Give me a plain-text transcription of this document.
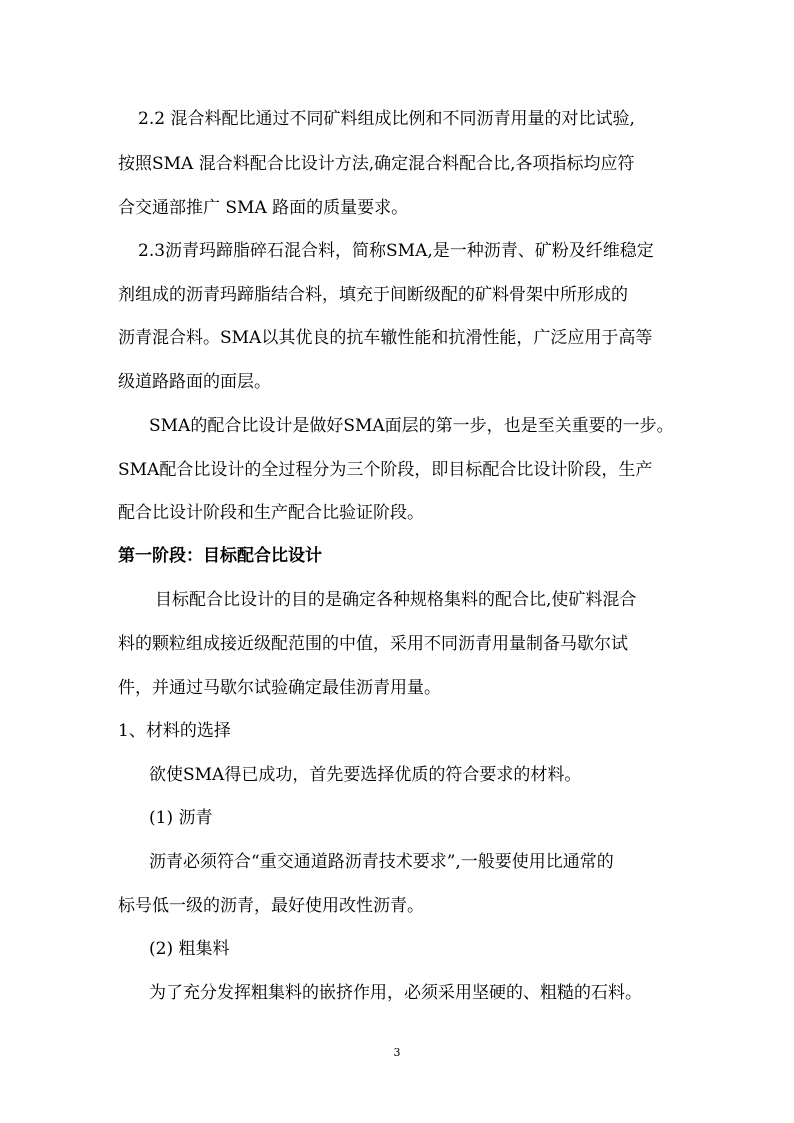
2.2 混合料配比通过不同矿料组成比例和不同沥青用量的对比试验,
按照SMA 混合料配合比设计方法,确定混合料配合比,各项指标均应符
合交通部推广 SMA 路面的质量要求。
2.3沥青玛蹄脂碎石混合料，简称SMA,是一种沥青、矿粉及纤维稳定
剂组成的沥青玛蹄脂结合料，填充于间断级配的矿料骨架中所形成的
沥青混合料。SMA以其优良的抗车辙性能和抗滑性能，广泛应用于高等
级道路路面的面层。
SMA的配合比设计是做好SMA面层的第一步，也是至关重要的一步。
SMA配合比设计的全过程分为三个阶段，即目标配合比设计阶段，生产
配合比设计阶段和生产配合比验证阶段。
第一阶段：目标配合比设计
目标配合比设计的目的是确定各种规格集料的配合比,使矿料混合
料的颗粒组成接近级配范围的中值，采用不同沥青用量制备马歇尔试
件，并通过马歇尔试验确定最佳沥青用量。
1、材料的选择
欲使SMA得已成功，首先要选择优质的符合要求的材料。
(1) 沥青
沥青必须符合“重交通道路沥青技术要求”,一般要使用比通常的
标号低一级的沥青，最好使用改性沥青。
(2) 粗集料
为了充分发挥粗集料的嵌挤作用，必须采用坚硬的、粗糙的石料。
3
